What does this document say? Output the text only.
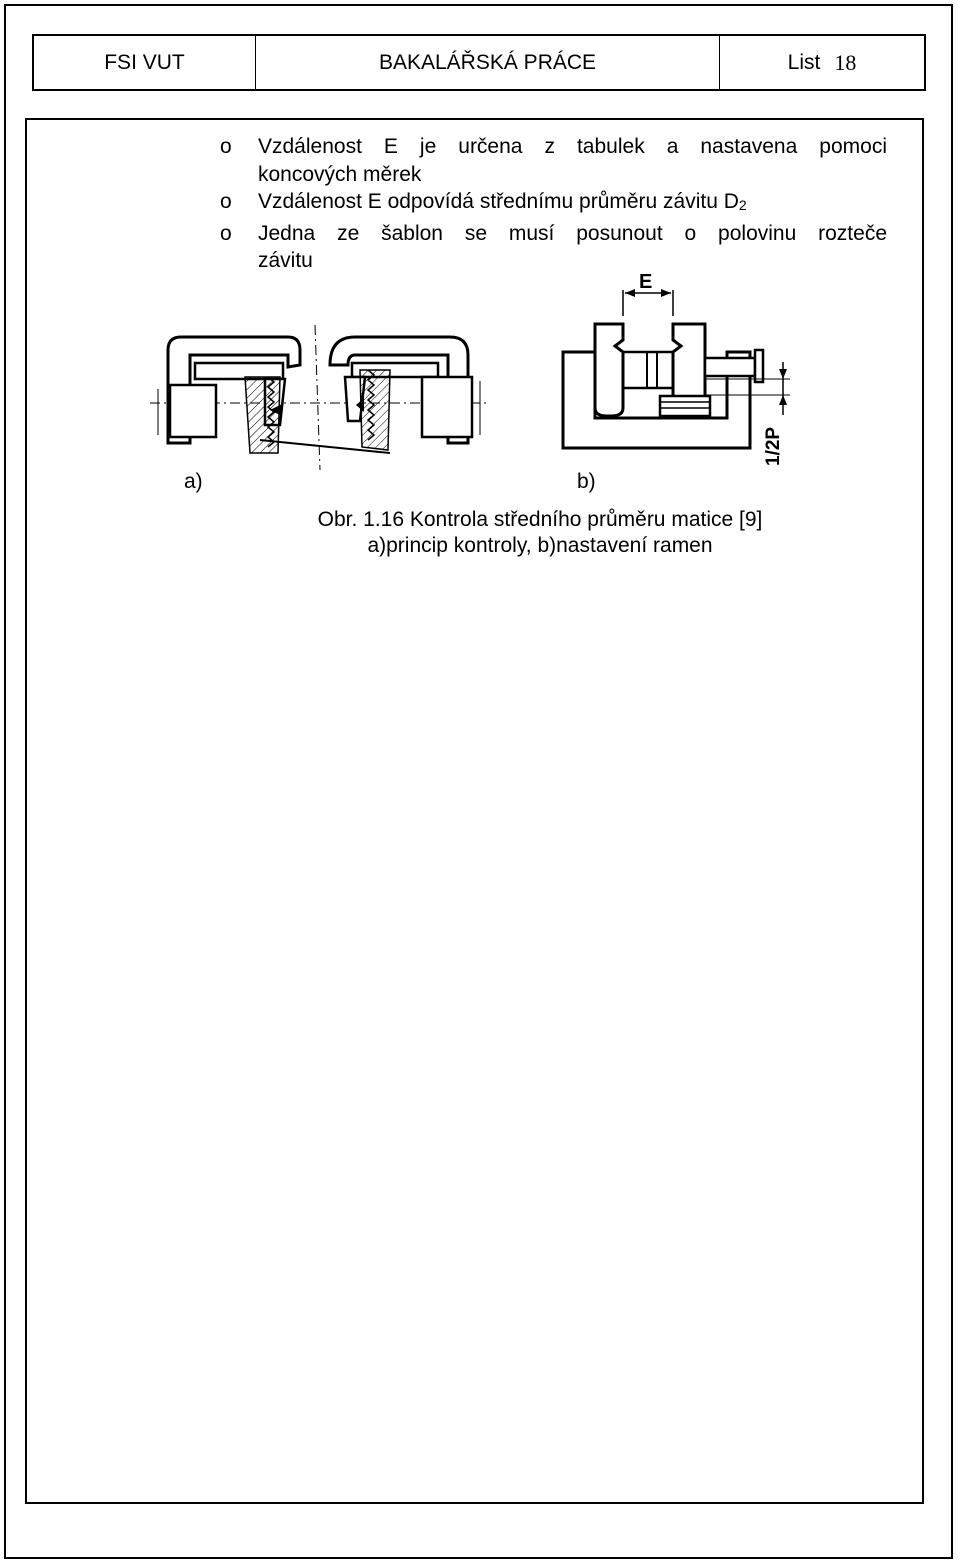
FSI VUT	BAKALÁŘSKÁ PRÁCE	List 18
o Vzdálenost E je určena z tabulek a nastavena pomoci
koncových měrek
o Vzdálenost E odpovídá střednímu průměru závitu D2
o Jedna ze šablon se musí posunout o polovinu rozteče
závitu
E
1/2P
a)	b)
Obr. 1.16 Kontrola středního průměru matice [9]
a)princip kontroly, b)nastavení ramen
